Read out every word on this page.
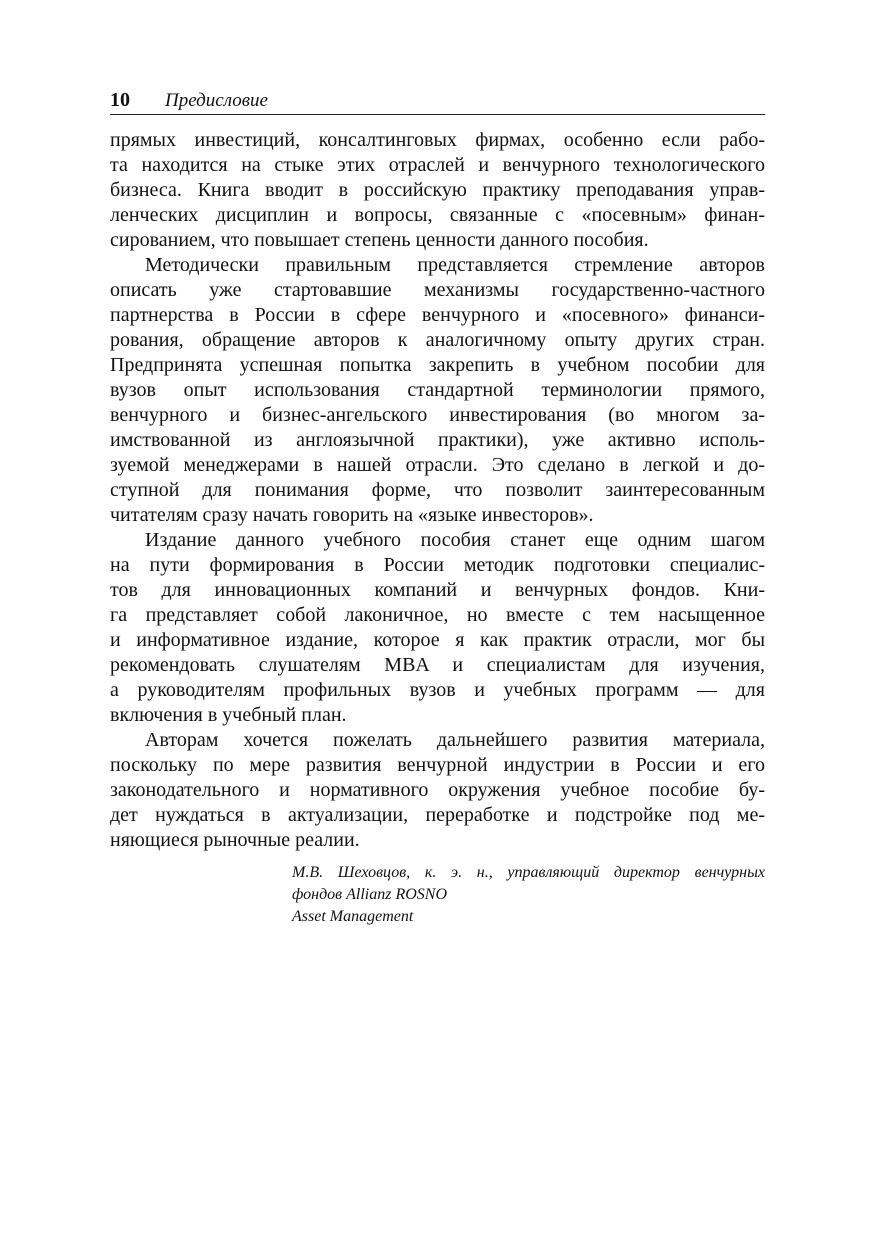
10 Предисловие
прямых инвестиций, консалтинговых фирмах, особенно если рабо-
та находится на стыке этих отраслей и венчурного технологического
бизнеса. Книга вводит в российскую практику преподавания управ-
ленческих дисциплин и вопросы, связанные с «посевным» финан-
сированием, что повышает степень ценности данного пособия.
Методически правильным представляется стремление авторов
описать уже стартовавшие механизмы государственно-частного
партнерства в России в сфере венчурного и «посевного» финанси-
рования, обращение авторов к аналогичному опыту других стран.
Предпринята успешная попытка закрепить в учебном пособии для
вузов опыт использования стандартной терминологии прямого,
венчурного и бизнес-ангельского инвестирования (во многом за-
имствованной из англоязычной практики), уже активно исполь-
зуемой менеджерами в нашей отрасли. Это сделано в легкой и до-
ступной для понимания форме, что позволит заинтересованным
читателям сразу начать говорить на «языке инвесторов».
Издание данного учебного пособия станет еще одним шагом
на пути формирования в России методик подготовки специалис-
тов для инновационных компаний и венчурных фондов. Кни-
га представляет собой лаконичное, но вместе с тем насыщенное
и информативное издание, которое я как практик отрасли, мог бы
рекомендовать слушателям MBA и специалистам для изучения,
а руководителям профильных вузов и учебных программ — для
включения в учебный план.
Авторам хочется пожелать дальнейшего развития материала,
поскольку по мере развития венчурной индустрии в России и его
законодательного и нормативного окружения учебное пособие бу-
дет нуждаться в актуализации, переработке и подстройке под ме-
няющиеся рыночные реалии.
М.В. Шеховцов, к. э. н., управляющий директор венчурных
фондов Allianz ROSNO
Asset Management
